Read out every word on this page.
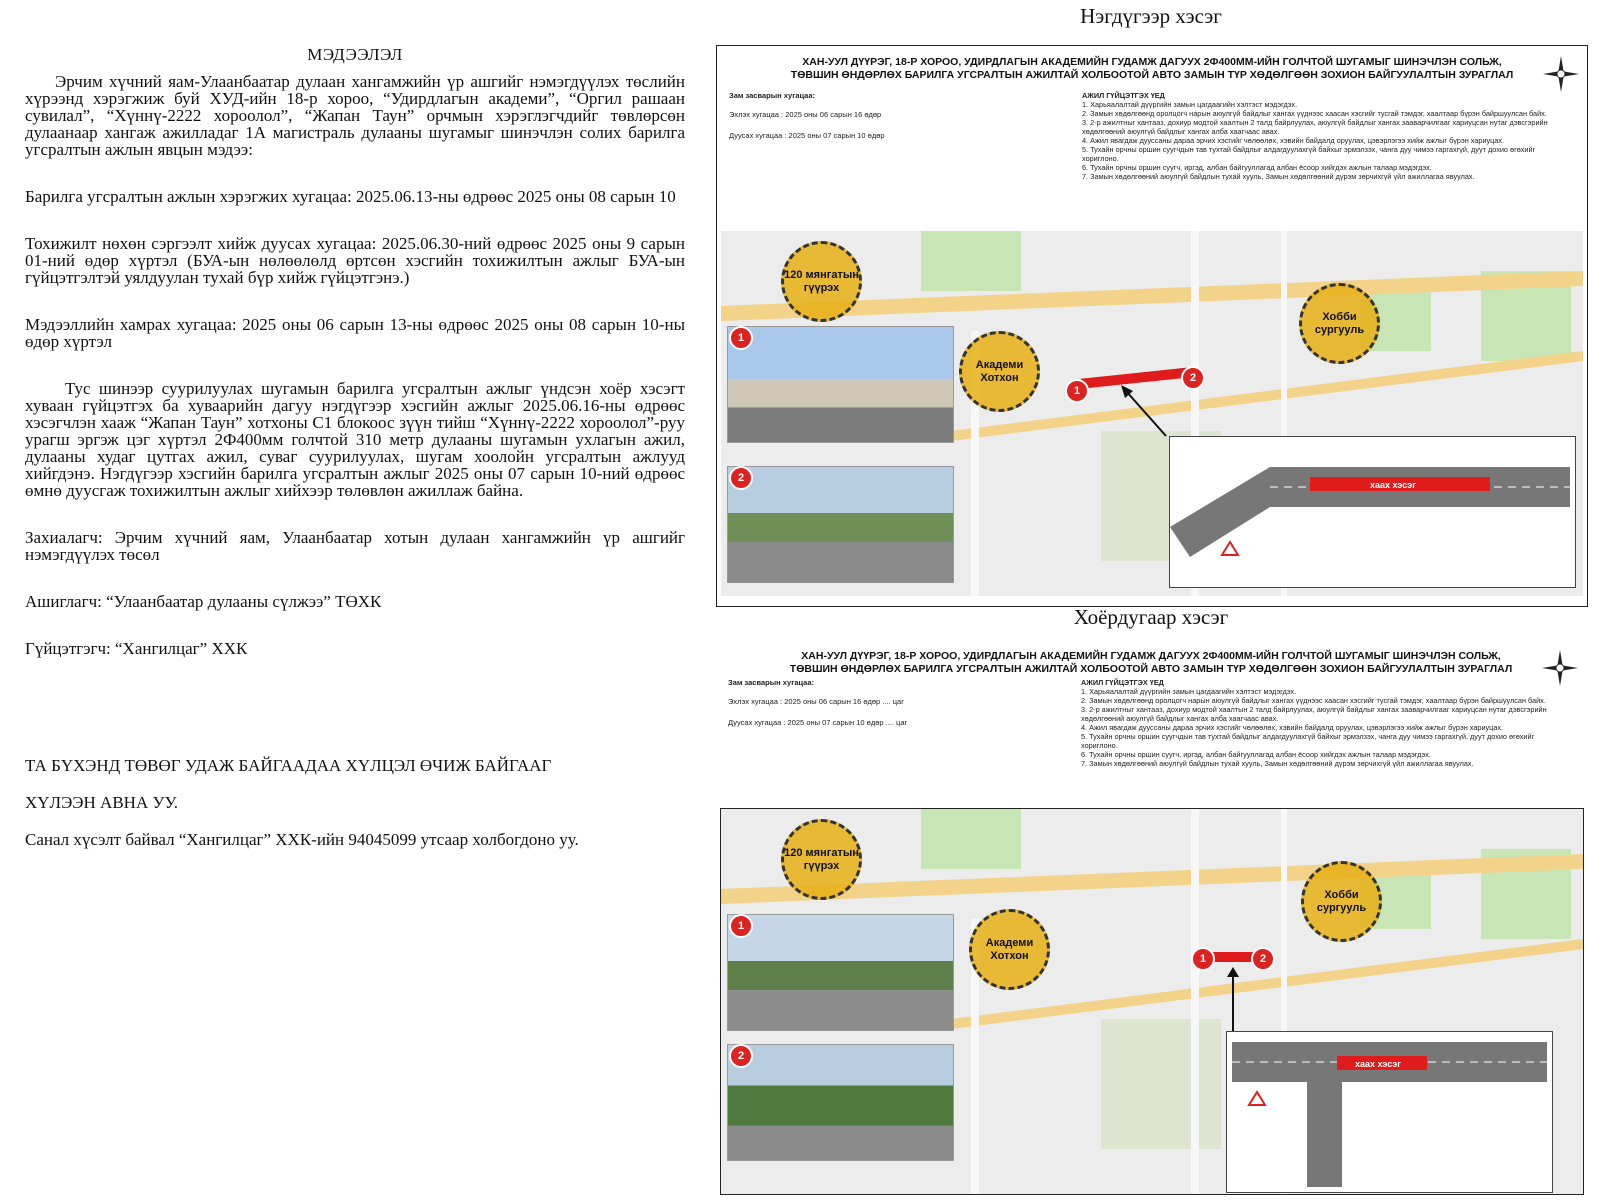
МЭДЭЭЛЭЛ

Эрчим хүчний яам-Улаанбаатар дулаан хангамжийн үр ашгийг нэмэгдүүлэх төслийн хүрээнд хэрэгжиж буй ХУД-ийн 18-р хороо, “Удирдлагын академи”, “Оргил рашаан сувилал”, “Хүннү-2222 хороолол”, “Жапан Таун” орчмын хэрэглэгчдийг төвлөрсөн дулаанаар хангаж ажилладаг 1А магистраль дулааны шугамыг шинэчлэн солих барилга угсралтын ажлын явцын мэдээ:

Барилга угсралтын ажлын хэрэгжих хугацаа: 2025.06.13-ны өдрөөс 2025 оны 08 сарын 10

Тохижилт нөхөн сэргээлт хийж дуусах хугацаа: 2025.06.30-ний өдрөөс 2025 оны 9 сарын 01-ний өдөр хүртэл (БУА-ын нөлөөлөлд өртсөн хэсгийн тохижилтын ажлыг БУА-ын гүйцэтгэлтэй уялдуулан тухай бүр хийж гүйцэтгэнэ.)

Мэдээллийн хамрах хугацаа: 2025 оны 06 сарын 13-ны өдрөөс 2025 оны 08 сарын 10-ны өдөр хүртэл

Тус шинээр суурилуулах шугамын барилга угсралтын ажлыг үндсэн хоёр хэсэгт хуваан гүйцэтгэх ба хуваарийн дагуу нэгдүгээр хэсгийн ажлыг 2025.06.16-ны өдрөөс хэсэгчлэн хааж “Жапан Таун” хотхоны С1 блокоос зүүн тийш “Хүннү-2222 хороолол”-руу урагш эргэж цэг хүртэл 2Ф400мм голчтой 310 метр дулааны шугамын ухлагын ажил, дулааны худаг цутгах ажил, суваг суурилуулах, шугам хоолойн угсралтын ажлууд хийгдэнэ. Нэгдүгээр хэсгийн барилга угсралтын ажлыг 2025 оны 07 сарын 10-ний өдрөөс өмнө дуусгаж тохижилтын ажлыг хийхээр төлөвлөн ажиллаж байна.

Захиалагч: Эрчим хүчний яам, Улаанбаатар хотын дулаан хангамжийн үр ашгийг нэмэгдүүлэх төсөл

Ашиглагч: “Улаанбаатар дулааны сүлжээ” ТӨХК

Гүйцэтгэгч: “Хангилцаг” ХХК

ТА БҮХЭНД ТӨВӨГ УДАЖ БАЙГААДАА ХҮЛЦЭЛ ӨЧИЖ БАЙГААГ

ХҮЛЭЭН АВНА УУ.

Санал хүсэлт байвал “Хангилцаг” ХХК-ийн 94045099 утсаар холбогдоно уу.

Нэгдүгээр хэсэг
ХАН-УУЛ ДҮҮРЭГ, 18-Р ХОРОО, УДИРДЛАГЫН АКАДЕМИЙН ГУДАМЖ ДАГУУХ 2Ф400ММ-ИЙН ГОЛЧТОЙ ШУГАМЫГ ШИНЭЧЛЭН СОЛЬЖ,
ТӨВШИН ӨНДӨРЛӨХ БАРИЛГА УГСРАЛТЫН АЖИЛТАЙ ХОЛБООТОЙ АВТО ЗАМЫН ТҮР ХӨДӨЛГӨӨН ЗОХИОН БАЙГУУЛАЛТЫН ЗУРАГЛАЛ
Зам засварын хугацаа:
Эхлэх хугацаа : 2025 оны 06 сарын 16 өдөр
Дуусах хугацаа : 2025 оны 07 сарын 10 өдөр
АЖИЛ ГҮЙЦЭТГЭХ ҮЕД
1. Харьяалалтай дүүргийн замын цагдаагийн хэлтэст мэдэгдэх.
2. Замын хөдөлгөөнд оролцогч нарын аюулгүй байдлыг хангах үүднээс хаасан хэсгийг тусгай тэмдэг, хаалтаар бүрэн байршуулсан байх.
3. 2-р ажилтныг хантааз, дохиур модтой хаалтын 2 талд байрлуулах, аюулгүй байдлыг хангах зааварчилгааг хариуцсан нутаг дэвсгэрийн хөдөлгөөний аюулгүй байдлыг хангах алба хаагчаас авах.
4. Ажил явагдаж дууссаны дараа эрчих хэсгийг чөлөөлөх, хэвийн байдалд оруулах, цэвэрлэгээ хийж ажлыг бүрэн хариуцах.
5. Тухайн орчны оршин суугчдын тав тухтай байдлыг алдагдуулахгүй байхыг эрмэлзэх, чанга дуу чимээ гаргахгүй, дуут дохио өгөхийг хориглоно.
6. Тухайн орчны оршин суугч, иргэд, албан байгууллагад албан ёсоор хийгдэх ажлын талаар мэдэгдэх.
7. Замын хөдөлгөөний аюулгүй байдлын тухай хууль, Замын хөдөлгөөний дүрэм зөрчихгүй үйл ажиллагаа явуулах.
120 мянгатын гүүрэх
Академи Хотхон
Хобби сургууль
1
2
1
2
хаах хэсэг
Хоёрдугаар хэсэг
ХАН-УУЛ ДҮҮРЭГ, 18-Р ХОРОО, УДИРДЛАГЫН АКАДЕМИЙН ГУДАМЖ ДАГУУХ 2Ф400ММ-ИЙН ГОЛЧТОЙ ШУГАМЫГ ШИНЭЧЛЭН СОЛЬЖ,
ТӨВШИН ӨНДӨРЛӨХ БАРИЛГА УГСРАЛТЫН АЖИЛТАЙ ХОЛБООТОЙ АВТО ЗАМЫН ТҮР ХӨДӨЛГӨӨН ЗОХИОН БАЙГУУЛАЛТЫН ЗУРАГЛАЛ
Зам засварын хугацаа:
Эхлэх хугацаа : 2025 оны 06 сарын 16 өдөр .... цаг
Дуусах хугацаа : 2025 оны 07 сарын 10 өдөр .... цаг
АЖИЛ ГҮЙЦЭТГЭХ ҮЕД
1. Харьяалалтай дүүргийн замын цагдаагийн хэлтэст мэдэгдэх.
2. Замын хөдөлгөөнд оролцогч нарын аюулгүй байдлыг хангах үүднээс хаасан хэсгийг тусгай тэмдэг, хаалтаар бүрэн байршуулсан байх.
3. 2-р ажилтныг хантааз, дохиур модтой хаалтын 2 талд байрлуулах, аюулгүй байдлыг хангах зааварчилгааг хариуцсан нутаг дэвсгэрийн хөдөлгөөний аюулгүй байдлыг хангах алба хаагчаас авах.
4. Ажил явагдаж дууссаны дараа эрчих хэсгийг чөлөөлөх, хэвийн байдалд оруулах, цэвэрлэгээ хийж ажлыг бүрэн хариуцах.
5. Тухайн орчны оршин суугчдын тав тухтай байдлыг алдагдуулахгүй байхыг эрмэлзэх, чанга дуу чимээ гаргахгүй, дуут дохио өгөхийг хориглоно.
6. Тухайн орчны оршин суугч, иргэд, албан байгууллагад албан ёсоор хийгдэх ажлын талаар мэдэгдэх.
7. Замын хөдөлгөөний аюулгүй байдлын тухай хууль, Замын хөдөлгөөний дүрэм зөрчихгүй үйл ажиллагаа явуулах.
120 мянгатын гүүрэх
Академи Хотхон
Хобби сургууль
1	2
1
2
хаах хэсэг
